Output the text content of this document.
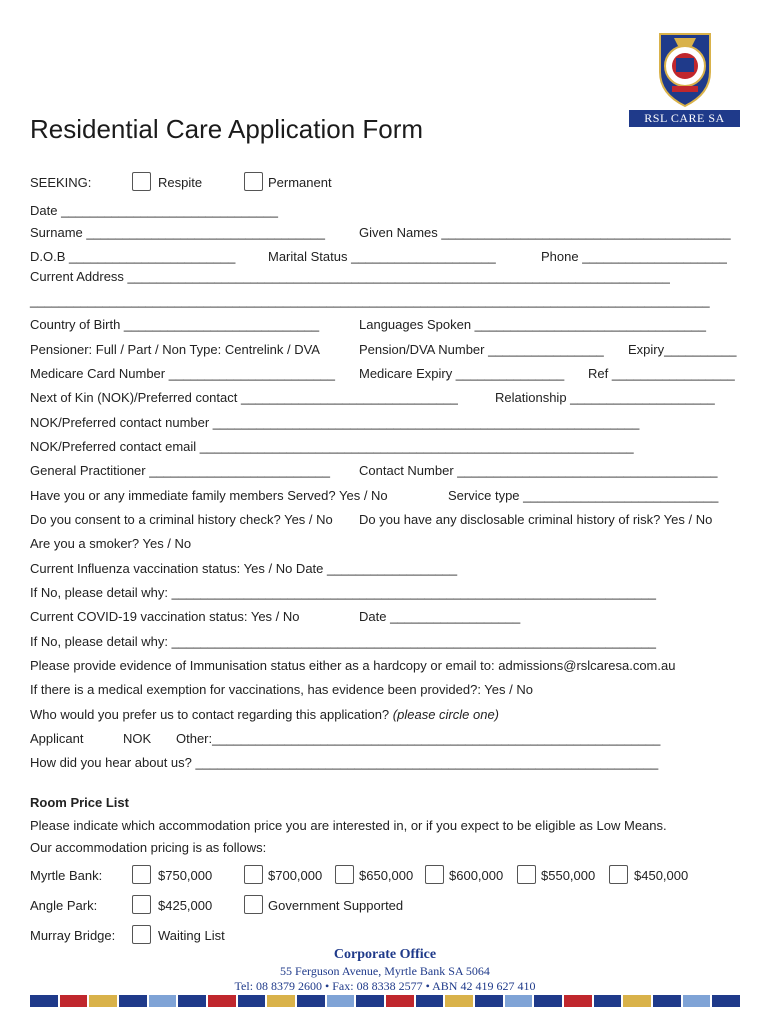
RSL CARE SA
Residential Care Application Form
SEEKING:	Respite	Permanent
Date ______________________________
Surname _________________________________	Given Names ________________________________________
D.O.B _______________________	Marital Status ____________________	Phone ____________________
Current Address ___________________________________________________________________________
______________________________________________________________________________________________
Country of Birth ___________________________	Languages Spoken ________________________________
Pensioner: Full / Part / Non Type: Centrelink / DVA	Pension/DVA Number ________________ Expiry__________
Medicare Card Number _______________________ Medicare Expiry _______________ Ref _________________
Next of Kin (NOK)/Preferred contact ______________________________	Relationship ____________________
NOK/Preferred contact number ___________________________________________________________
NOK/Preferred contact email ____________________________________________________________
General Practitioner _________________________ Contact Number ____________________________________
Have you or any immediate family members Served? Yes / No	Service type ___________________________
Do you consent to a criminal history check? Yes / No Do you have any disclosable criminal history of risk? Yes / No
Are you a smoker? Yes / No
Current Influenza vaccination status: Yes / No Date __________________
If No, please detail why: ___________________________________________________________________
Current COVID-19 vaccination status: Yes / No	Date __________________
If No, please detail why: ___________________________________________________________________
Please provide evidence of Immunisation status either as a hardcopy or email to: admissions@rslcaresa.com.au
If there is a medical exemption for vaccinations, has evidence been provided?: Yes / No
Who would you prefer us to contact regarding this application? (please circle one)
Applicant	NOK Other:______________________________________________________________
How did you hear about us? ________________________________________________________________
Room Price List
Please indicate which accommodation price you are interested in, or if you expect to be eligible as Low Means.
Our accommodation pricing is as follows:
Myrtle Bank:	$750,000	$700,000	$650,000	$600,000	$550,000	$450,000
Angle Park:	$425,000	Government Supported
Murray Bridge:	Waiting List
Corporate Office
55 Ferguson Avenue, Myrtle Bank SA 5064
Tel: 08 8379 2600 • Fax: 08 8338 2577 • ABN 42 419 627 410
